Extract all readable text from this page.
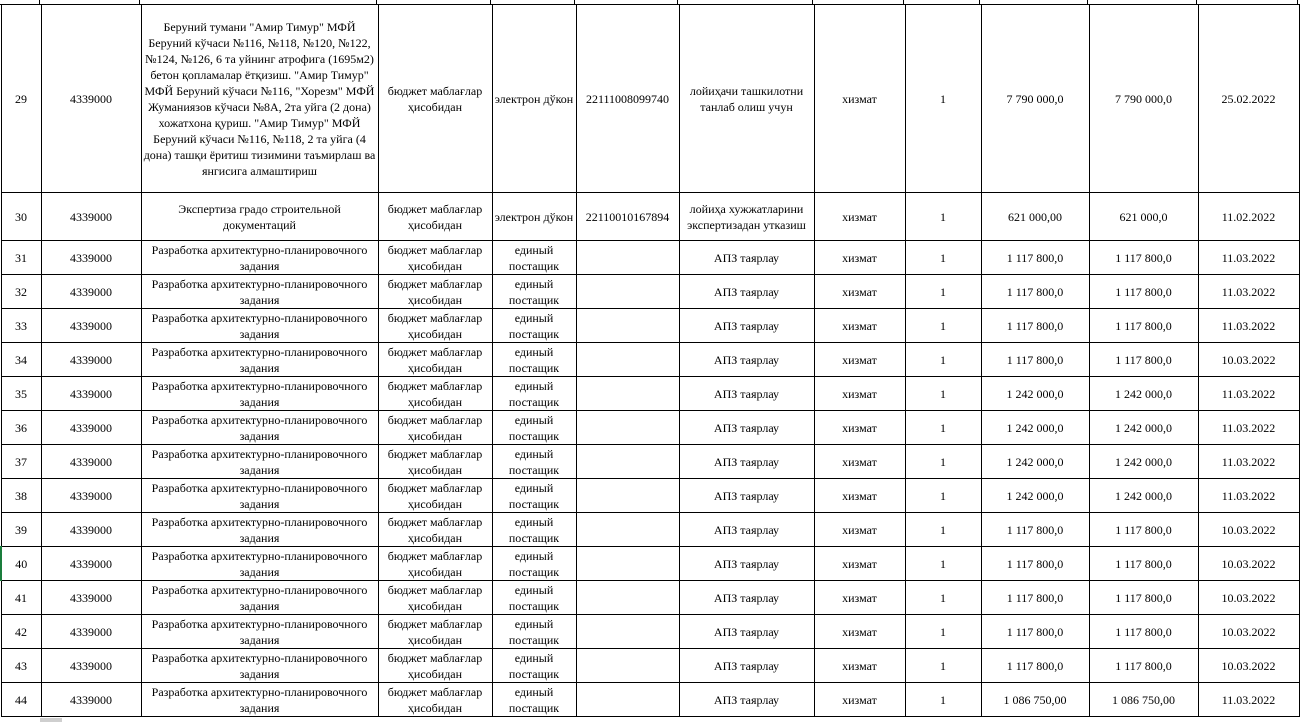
29	4339000	Беруний тумани "Амир Тимур" МФЙ Беруний кўчаси №116, №118, №120, №122, №124, №126, 6 та уйнинг атрофига (1695м2) бетон қопламалар ётқизиш. "Амир Тимур" МФЙ Беруний кўчаси №116, "Хорезм" МФЙ Жуманиязов кўчаси №8А, 2та уйга (2 дона) хожатхона қуриш. "Амир Тимур" МФЙ Беруний кўчаси №116, №118, 2 та уйга (4 дона) ташқи ёритиш тизимини таъмирлаш ва янгисига алмаштириш	бюджет маблағлар ҳисобидан	электрон дўкон	22111008099740	лойиҳачи ташкилотни танлаб олиш учун	хизмат	1	7 790 000,0	7 790 000,0	25.02.2022
30	4339000	Экспертиза градо строительной документаций	бюджет маблағлар ҳисобидан	электрон дўкон	22110010167894	лойиҳа хужжатларини экспертизадан утказиш	хизмат	1	621 000,00	621 000,0	11.02.2022
31	4339000	Разработка архитектурно-планировочного задания	бюджет маблағлар ҳисобидан	единый постащик		АПЗ таярлау	хизмат	1	1 117 800,0	1 117 800,0	11.03.2022
32	4339000	Разработка архитектурно-планировочного задания	бюджет маблағлар ҳисобидан	единый постащик		АПЗ таярлау	хизмат	1	1 117 800,0	1 117 800,0	11.03.2022
33	4339000	Разработка архитектурно-планировочного задания	бюджет маблағлар ҳисобидан	единый постащик		АПЗ таярлау	хизмат	1	1 117 800,0	1 117 800,0	11.03.2022
34	4339000	Разработка архитектурно-планировочного задания	бюджет маблағлар ҳисобидан	единый постащик		АПЗ таярлау	хизмат	1	1 117 800,0	1 117 800,0	10.03.2022
35	4339000	Разработка архитектурно-планировочного задания	бюджет маблағлар ҳисобидан	единый постащик		АПЗ таярлау	хизмат	1	1 242 000,0	1 242 000,0	11.03.2022
36	4339000	Разработка архитектурно-планировочного задания	бюджет маблағлар ҳисобидан	единый постащик		АПЗ таярлау	хизмат	1	1 242 000,0	1 242 000,0	11.03.2022
37	4339000	Разработка архитектурно-планировочного задания	бюджет маблағлар ҳисобидан	единый постащик		АПЗ таярлау	хизмат	1	1 242 000,0	1 242 000,0	11.03.2022
38	4339000	Разработка архитектурно-планировочного задания	бюджет маблағлар ҳисобидан	единый постащик		АПЗ таярлау	хизмат	1	1 242 000,0	1 242 000,0	11.03.2022
39	4339000	Разработка архитектурно-планировочного задания	бюджет маблағлар ҳисобидан	единый постащик		АПЗ таярлау	хизмат	1	1 117 800,0	1 117 800,0	10.03.2022
40	4339000	Разработка архитектурно-планировочного задания	бюджет маблағлар ҳисобидан	единый постащик		АПЗ таярлау	хизмат	1	1 117 800,0	1 117 800,0	10.03.2022
41	4339000	Разработка архитектурно-планировочного задания	бюджет маблағлар ҳисобидан	единый постащик		АПЗ таярлау	хизмат	1	1 117 800,0	1 117 800,0	10.03.2022
42	4339000	Разработка архитектурно-планировочного задания	бюджет маблағлар ҳисобидан	единый постащик		АПЗ таярлау	хизмат	1	1 117 800,0	1 117 800,0	10.03.2022
43	4339000	Разработка архитектурно-планировочного задания	бюджет маблағлар ҳисобидан	единый постащик		АПЗ таярлау	хизмат	1	1 117 800,0	1 117 800,0	10.03.2022
44	4339000	Разработка архитектурно-планировочного задания	бюджет маблағлар ҳисобидан	единый постащик		АПЗ таярлау	хизмат	1	1 086 750,00	1 086 750,00	11.03.2022
